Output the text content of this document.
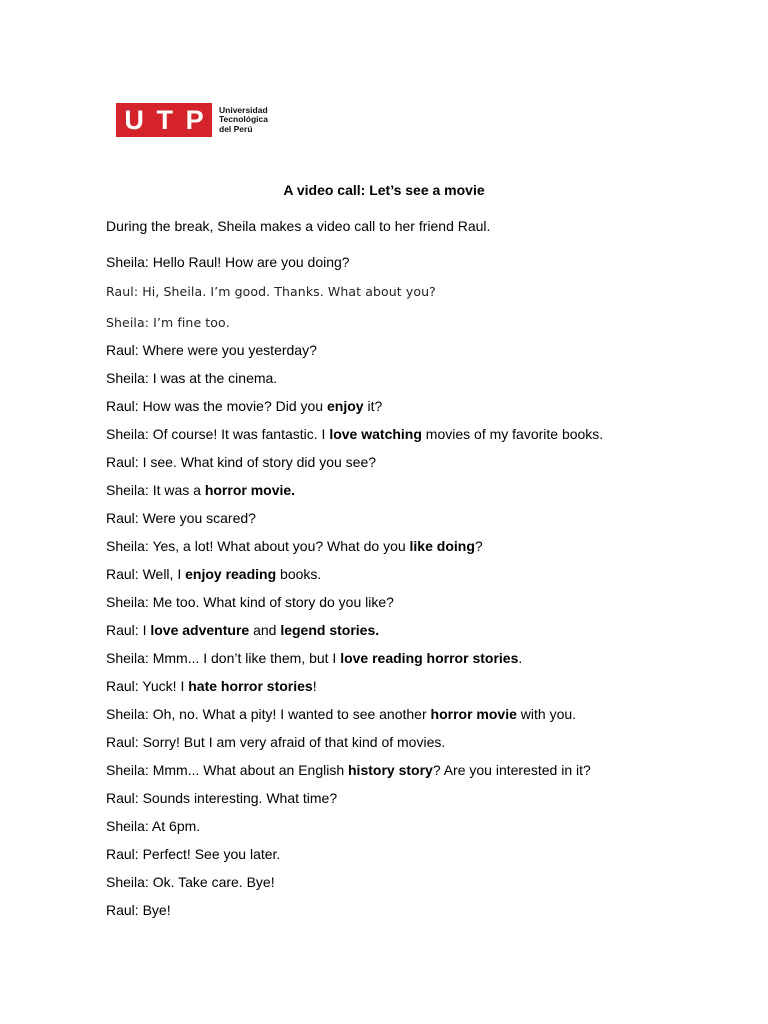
U T P Universidad
Tecnológica
del Perú
A video call: Let’s see a movie
During the break, Sheila makes a video call to her friend Raul.
Sheila: Hello Raul! How are you doing?
Raul: Hi, Sheila. I’m good. Thanks. What about you?
Sheila: I’m fine too.
Raul: Where were you yesterday?
Sheila: I was at the cinema.
Raul: How was the movie? Did you enjoy it?
Sheila: Of course! It was fantastic. I love watching movies of my favorite books.
Raul: I see. What kind of story did you see?
Sheila: It was a horror movie.
Raul: Were you scared?
Sheila: Yes, a lot! What about you? What do you like doing?
Raul: Well, I enjoy reading books.
Sheila: Me too. What kind of story do you like?
Raul: I love adventure and legend stories.
Sheila: Mmm... I don’t like them, but I love reading horror stories.
Raul: Yuck! I hate horror stories!
Sheila: Oh, no. What a pity! I wanted to see another horror movie with you.
Raul: Sorry! But I am very afraid of that kind of movies.
Sheila: Mmm... What about an English history story? Are you interested in it?
Raul: Sounds interesting. What time?
Sheila: At 6pm.
Raul: Perfect! See you later.
Sheila: Ok. Take care. Bye!
Raul: Bye!
